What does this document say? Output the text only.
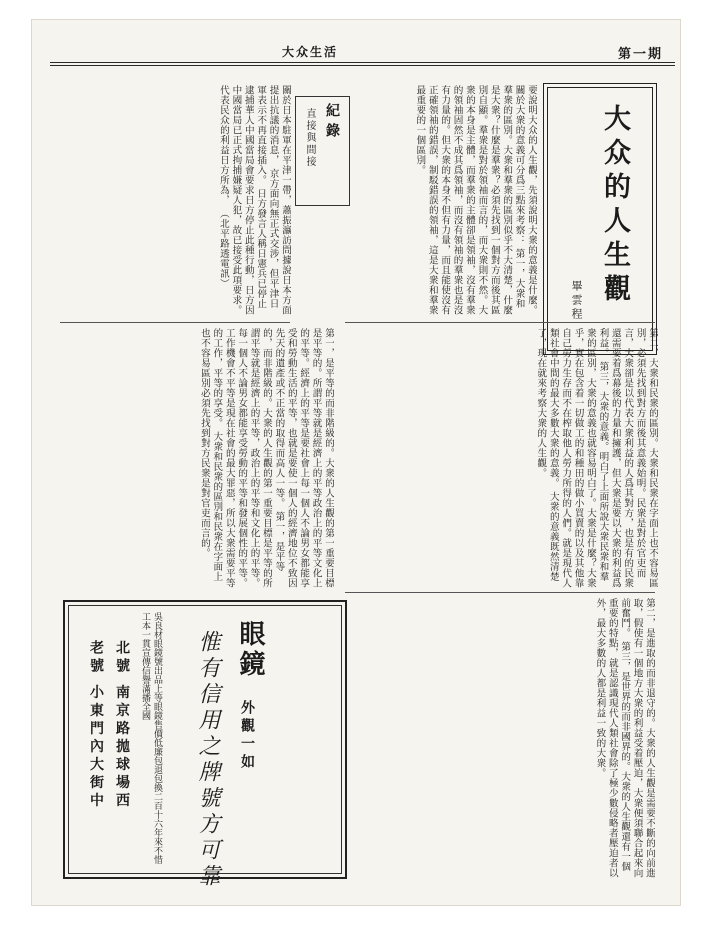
第一期
大众生活
大众的人生觀
畢雲程
要說明大众的人生觀，先須說明大衆的意義是什麼。 關於大衆的意義可分爲三點來考察： 第一，大衆和羣衆的區別。大衆和羣衆的區別似乎不大清楚，什麼是大衆？什麼是羣衆？必須先找到一個對方而後其區別自顯。羣衆是對於領袖而言的，而大衆則不然。大衆的本身是主體，而羣衆的主體卻是領袖，沒有羣衆的領袖固然不成其爲領袖，而沒有領袖的羣衆也是沒有力量的。但大衆的本身不但有力量，而且能使沒有正確領袖的錯誤，制駁錯誤的領袖，這是大衆和羣衆最重要的一個區別。
紀錄
直接與間接
關於日本駐軍在平津一帶，蕭振瀛訪問據說日本方面提出抗議的消息， 京方面向無正式交涉，但平津日軍表示不再直接插入。 日方發言人稱日憲兵已停止逮捕華人中國當局會要求日方停止此種行動，日方因中國當局已正式拘捕嫌疑人犯，故已接受此項要求。 代表民众的利益日方所為， （北平路透電訊）
第二，大衆和民衆的區別。大衆和民衆在字面上也不容易區別，必須先找到對方而後其意義始明。民衆是對於官吏而言，大衆卻是以代表大衆利益的人爲其對方，也是有的民衆還需要着爲幕後的力量和擁護，但大衆是要以大衆的利益爲利益。 第三，大衆的意義。明白了上面所說大衆民衆和羣衆的區別，大衆的意義也就容易明白了。大衆是什麼？大衆乎，實在包含着一切做工的和種田的做小買賣的以及其他靠自己勞力生存而不在榨取他人勞力所得的人們。就是現代人類社會中間的最大多數大衆的意義。 大衆的意義既然清楚了，現在就來考察大衆的人生觀。
第一，是平等的而非階級的。大衆的人生觀的第一重要目標是平等的。所謂平等就是經濟上的平等政治上的平等文化上的平等。經濟上的平等是要社會上每一個人不論男女都能享受和勞動生活的平等，也就是要使一個人的經濟地位不致因先天的遺產或不正當的取得而高人一等。 第一，是平等的，而非階級的。大衆的人生觀的第一重要目標是平等的所謂平等就是經濟上的平等，政治上的平等和文化上的平等。 每一個人不論男女都能享受勞動的平等和發展個性的平等。工作機會不平等是現在社會的最大罪惡，所以大衆需要平等的工作，平等的享受。 大衆和民衆的區別和民衆在字面上也不容易區別必須先找到對方民衆是對官吏而言的。
第二，是進取的而非退守的。大衆的人生觀是需要不斷的向前進取，假使有一個地方大衆的利益受着壓迫，大衆便須聯合起來向前奮鬥。 第三，是世界的而非國界的。大衆的人生觀還有一個重要的特點，就是認識現代人類社會除了極少數侵略者壓迫者以外，最大多數的人都是利益一致的大衆。
眼鏡
外觀一如
惟有信用之牌號方可靠
吳良材眼鏡號出品上等眼鏡售價低廉包退包換二百十六年來不惜工本一貫宣傳信譽滿播全國
北號 南京路拋球場西
老號 小東門內大街中
